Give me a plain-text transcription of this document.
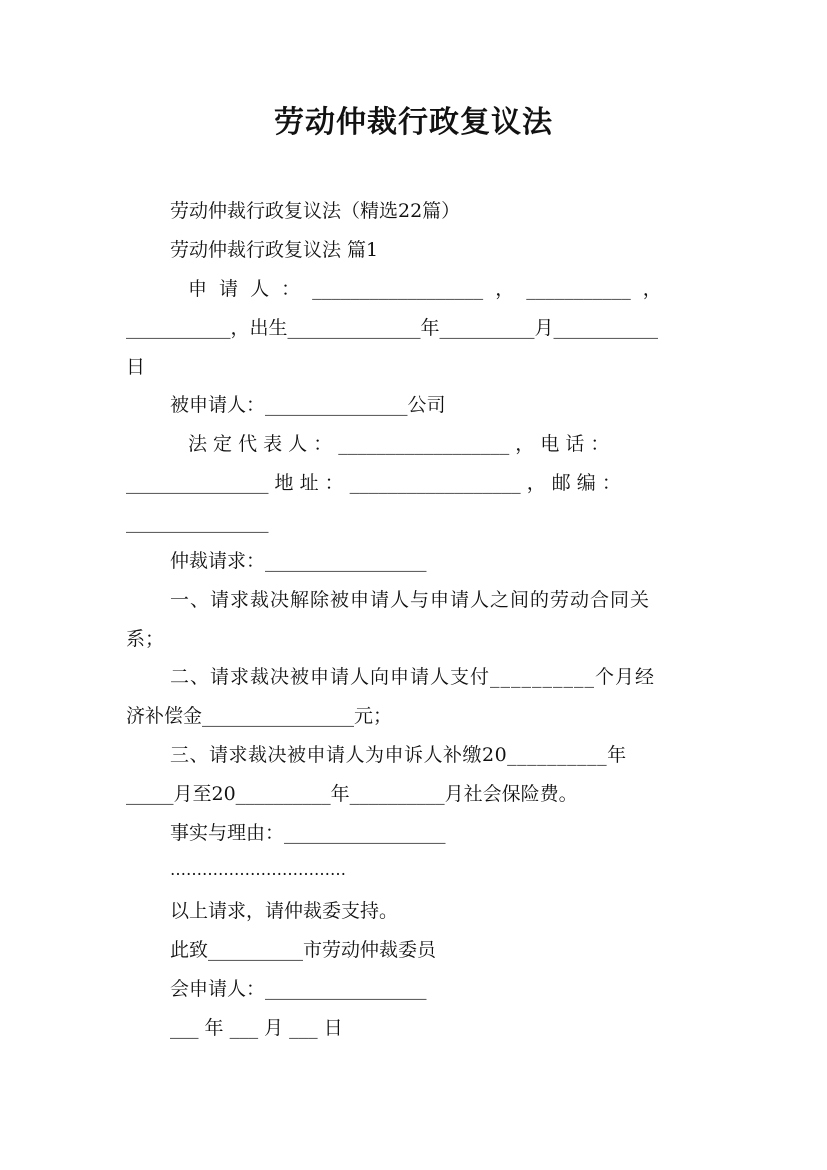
劳动仲裁行政复议法

劳动仲裁行政复议法（精选22篇）

劳动仲裁行政复议法 篇1

申 请 人 ： __________________ ， ___________ ，

___________，出生______________年__________月___________

日

被申请人：_______________公司

法 定 代 表 人 ： __________________ ， 电 话 ：

_______________ 地 址 ： __________________ ， 邮 编 ：

_______________

仲裁请求：_________________

一、请求裁决解除被申请人与申请人之间的劳动合同关

系；

二、请求裁决被申请人向申请人支付__________个月经

济补偿金________________元；

三、请求裁决被申请人为申诉人补缴20__________年

_____月至20__________年__________月社会保险费。

事实与理由：_________________

……………………………

以上请求，请仲裁委支持。

此致__________市劳动仲裁委员

会申请人：_________________

___ 年 ___ 月 ___ 日
